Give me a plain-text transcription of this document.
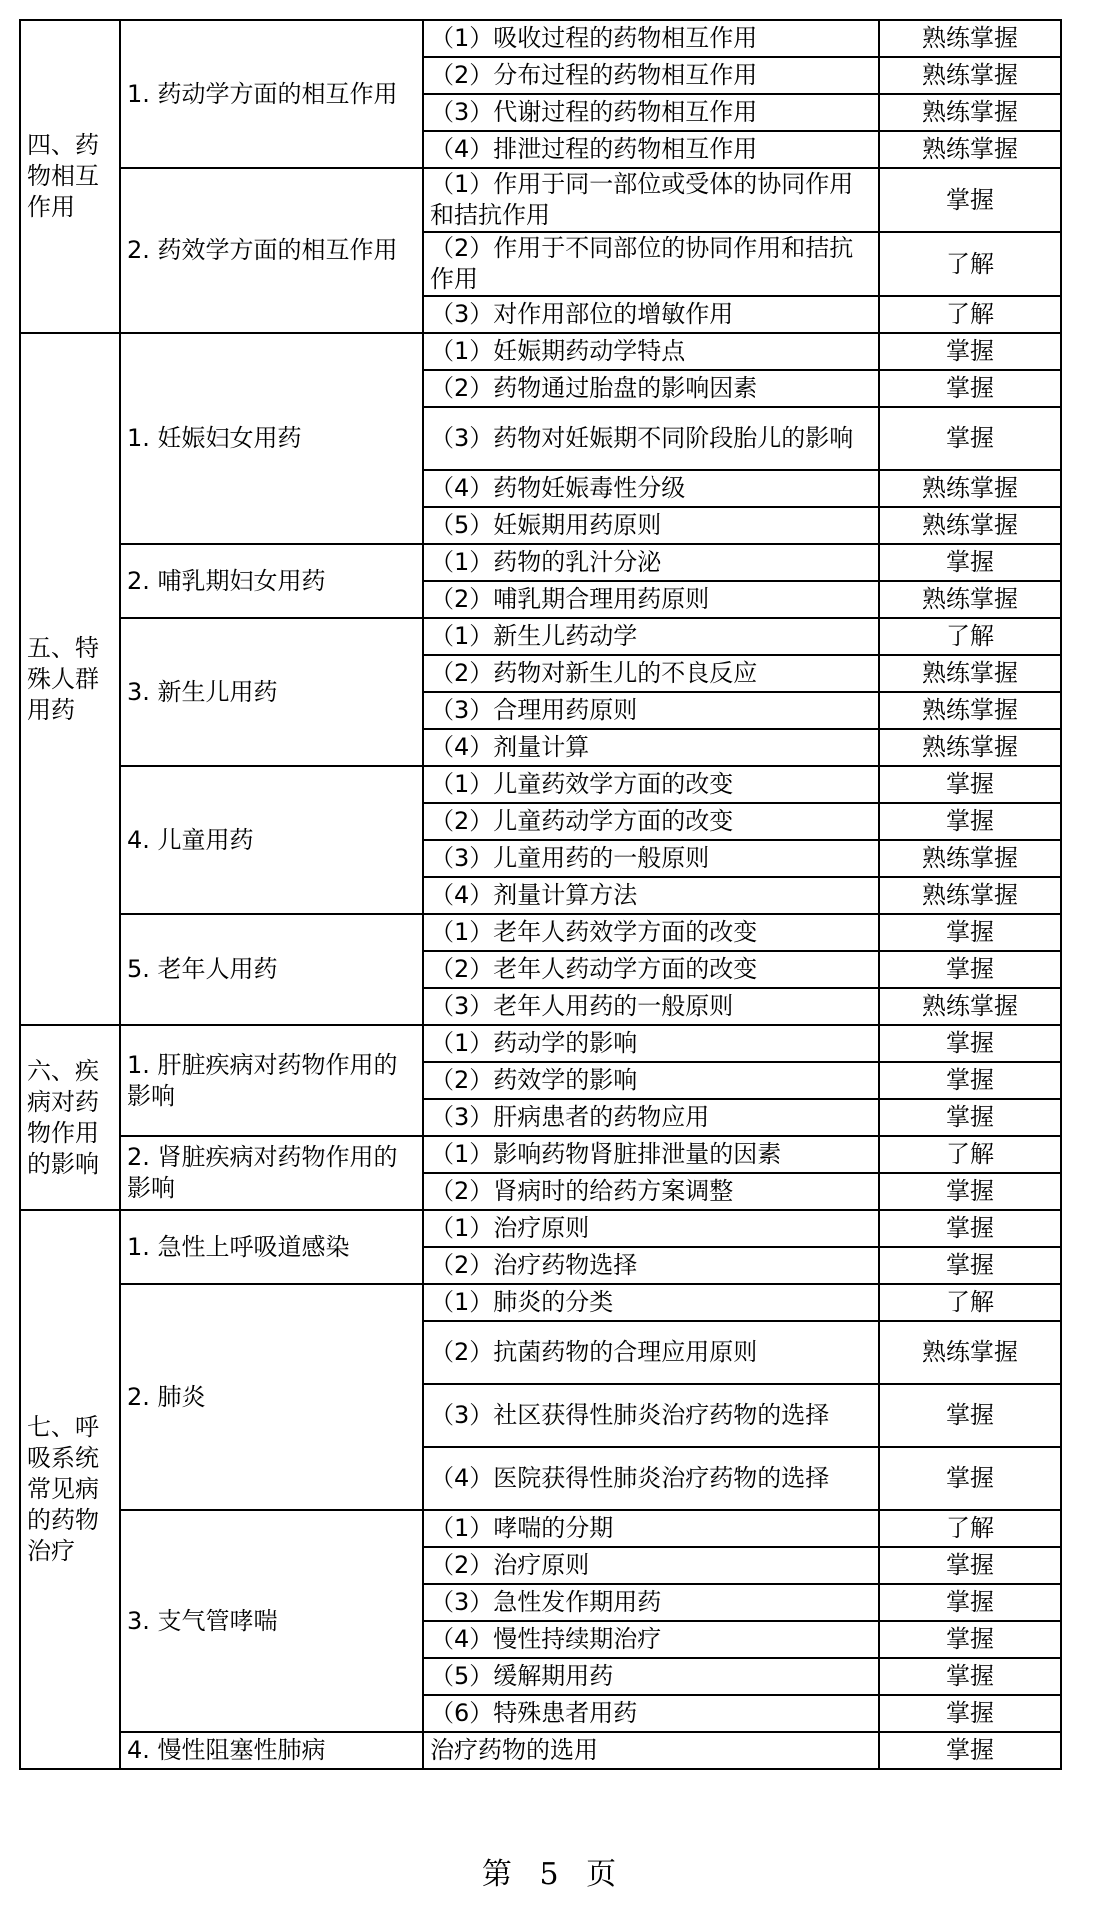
四、药物相互作用	1. 药动学方面的相互作用	（1）吸收过程的药物相互作用	熟练掌握
		（2）分布过程的药物相互作用	熟练掌握
		（3）代谢过程的药物相互作用	熟练掌握
		（4）排泄过程的药物相互作用	熟练掌握
	2. 药效学方面的相互作用	（1）作用于同一部位或受体的协同作用和拮抗作用	掌握
		（2）作用于不同部位的协同作用和拮抗作用	了解
		（3）对作用部位的增敏作用	了解
五、特殊人群用药	1. 妊娠妇女用药	（1）妊娠期药动学特点	掌握
		（2）药物通过胎盘的影响因素	掌握
		（3）药物对妊娠期不同阶段胎儿的影响	掌握
		（4）药物妊娠毒性分级	熟练掌握
		（5）妊娠期用药原则	熟练掌握
	2. 哺乳期妇女用药	（1）药物的乳汁分泌	掌握
		（2）哺乳期合理用药原则	熟练掌握
	3. 新生儿用药	（1）新生儿药动学	了解
		（2）药物对新生儿的不良反应	熟练掌握
		（3）合理用药原则	熟练掌握
		（4）剂量计算	熟练掌握
	4. 儿童用药	（1）儿童药效学方面的改变	掌握
		（2）儿童药动学方面的改变	掌握
		（3）儿童用药的一般原则	熟练掌握
		（4）剂量计算方法	熟练掌握
	5. 老年人用药	（1）老年人药效学方面的改变	掌握
		（2）老年人药动学方面的改变	掌握
		（3）老年人用药的一般原则	熟练掌握
六、疾病对药物作用的影响	1. 肝脏疾病对药物作用的影响	（1）药动学的影响	掌握
		（2）药效学的影响	掌握
		（3）肝病患者的药物应用	掌握
	2. 肾脏疾病对药物作用的影响	（1）影响药物肾脏排泄量的因素	了解
		（2）肾病时的给药方案调整	掌握
七、呼吸系统常见病的药物治疗	1. 急性上呼吸道感染	（1）治疗原则	掌握
		（2）治疗药物选择	掌握
	2. 肺炎	（1）肺炎的分类	了解
		（2）抗菌药物的合理应用原则	熟练掌握
		（3）社区获得性肺炎治疗药物的选择	掌握
		（4）医院获得性肺炎治疗药物的选择	掌握
	3. 支气管哮喘	（1）哮喘的分期	了解
		（2）治疗原则	掌握
		（3）急性发作期用药	掌握
		（4）慢性持续期治疗	掌握
		（5）缓解期用药	掌握
		（6）特殊患者用药	掌握
	4. 慢性阻塞性肺病	治疗药物的选用	掌握
第 5 页
